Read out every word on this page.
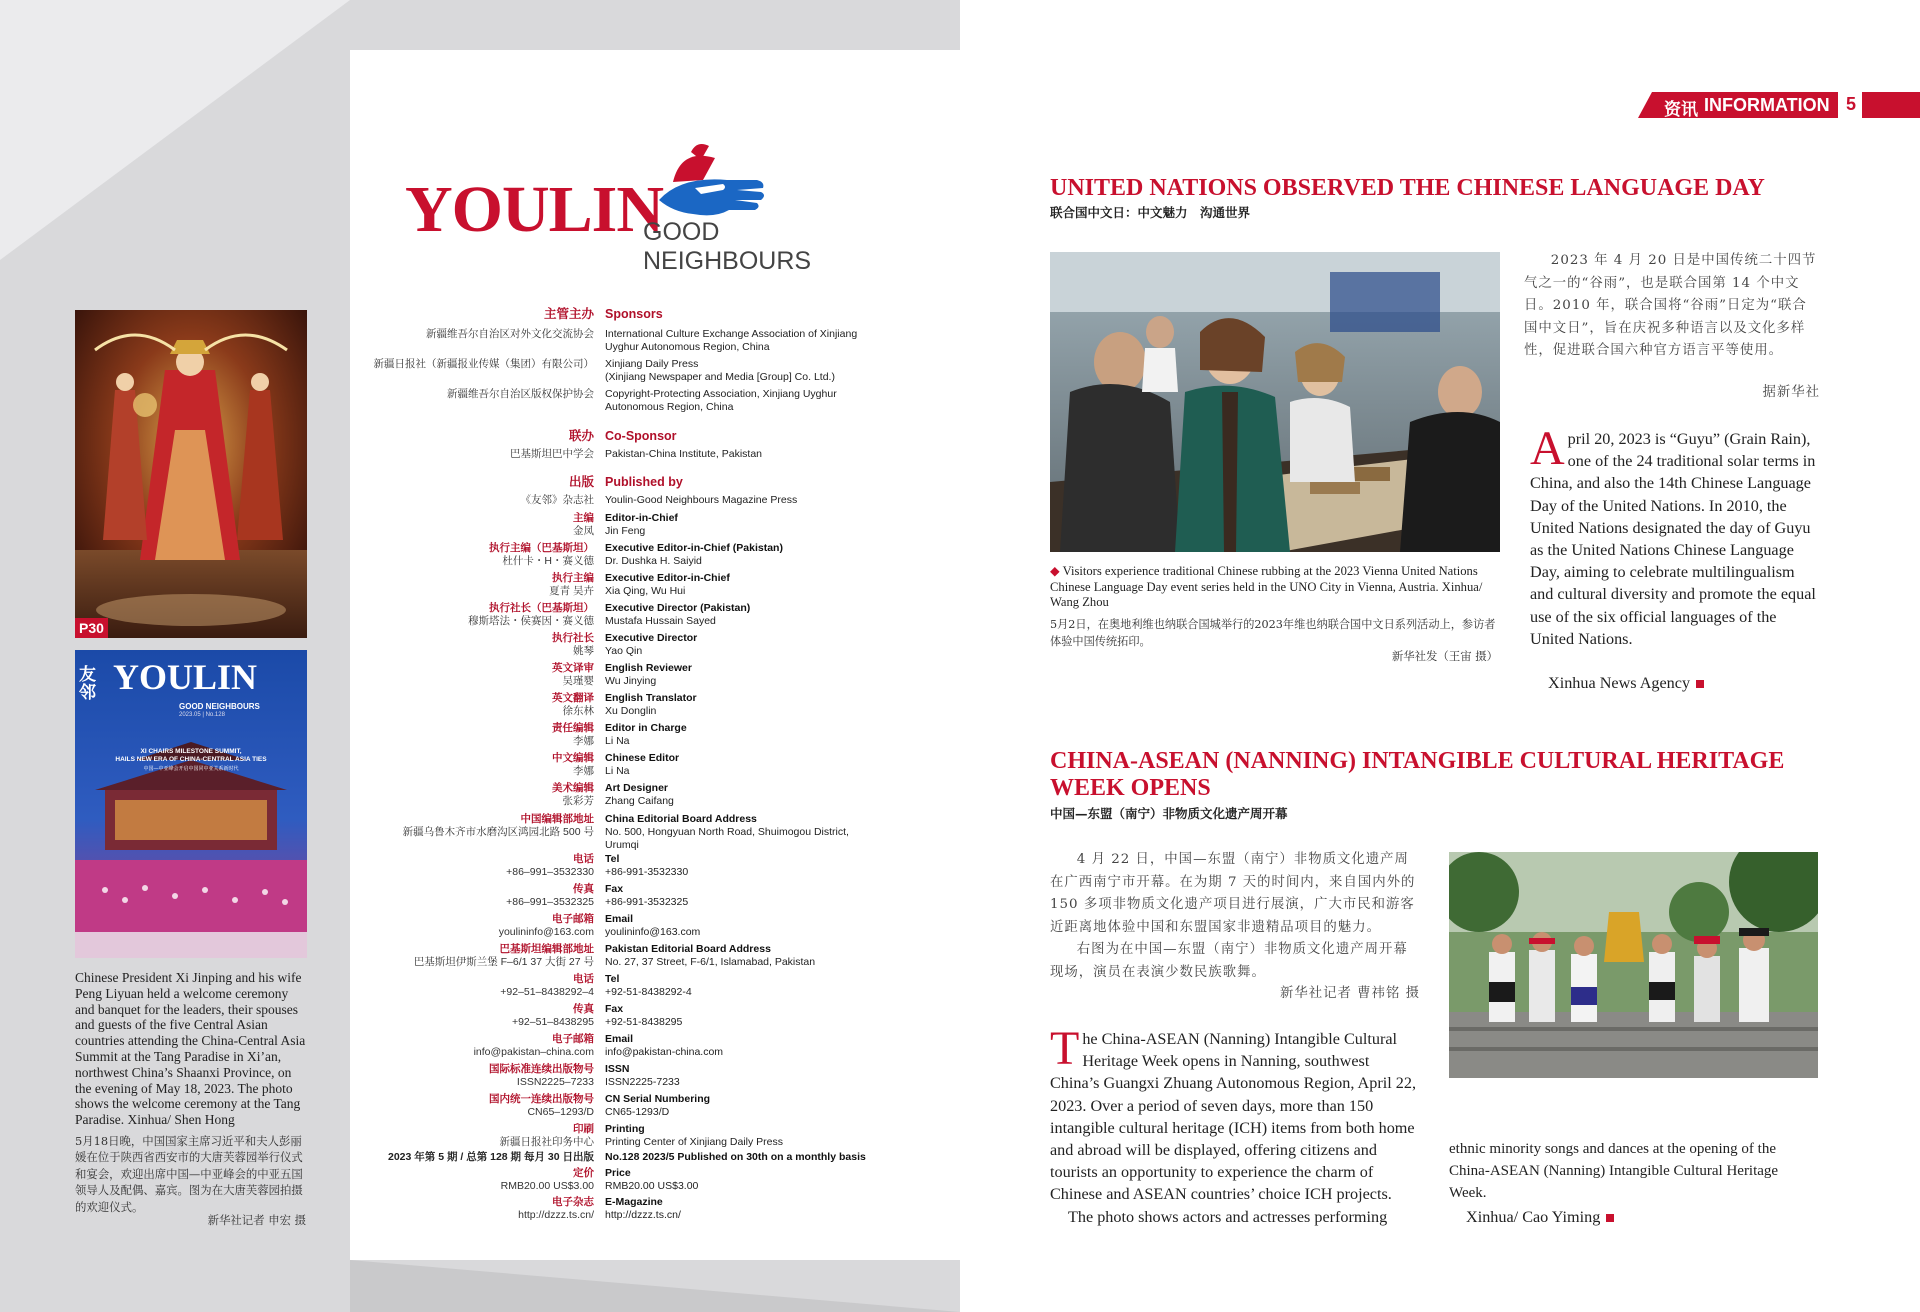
P30
友邻 YOULIN
GOOD NEIGHBOURS
2023.05 | No.128
XI CHAIRS MILESTONE SUMMIT,
HAILS NEW ERA OF CHINA-CENTRAL ASIA TIES
中国—中亚峰会开启中国同中亚关系新时代
Chinese President Xi Jinping and his wife Peng Liyuan held a welcome ceremony and banquet for the leaders, their spouses and guests of the five Central Asian countries attending the China-Central Asia Summit at the Tang Paradise in Xi’an, northwest China’s Shaanxi Province, on the evening of May 18, 2023. The photo shows the welcome ceremony at the Tang Paradise. Xinhua/ Shen Hong
5月18日晚，中国国家主席习近平和夫人彭丽媛在位于陕西省西安市的大唐芙蓉园举行仪式和宴会，欢迎出席中国—中亚峰会的中亚五国领导人及配偶、嘉宾。图为在大唐芙蓉园拍摄的欢迎仪式。
新华社记者 申宏 摄
YOULIN
GOOD NEIGHBOURS
主管主办 Sponsors
新疆维吾尔自治区对外文化交流协会 International Culture Exchange Association of Xinjiang
Uyghur Autonomous Region, China
新疆日报社（新疆报业传媒（集团）有限公司） Xinjiang Daily Press
(Xinjiang Newspaper and Media [Group] Co. Ltd.)
新疆维吾尔自治区版权保护协会 Copyright-Protecting Association, Xinjiang Uyghur
Autonomous Region, China
联办 Co-Sponsor
巴基斯坦巴中学会 Pakistan-China Institute, Pakistan
出版 Published by
《友邻》杂志社 Youlin-Good Neighbours Magazine Press
主编 Editor-in-Chief
金凤 Jin Feng
执行主编（巴基斯坦） Executive Editor-in-Chief (Pakistan)
杜什卡・H・赛义德 Dr. Dushka H. Saiyid
执行主编 Executive Editor-in-Chief
夏青 吴卉 Xia Qing, Wu Hui
执行社长（巴基斯坦） Executive Director (Pakistan)
穆斯塔法・侯赛因・赛义德 Mustafa Hussain Sayed
执行社长 Executive Director
姚琴 Yao Qin
英文译审 English Reviewer
吴瑾婴 Wu Jinying
英文翻译 English Translator
徐东林 Xu Donglin
责任编辑 Editor in Charge
李娜 Li Na
中文编辑 Chinese Editor
李娜 Li Na
美术编辑 Art Designer
张彩芳 Zhang Caifang
中国编辑部地址 China Editorial Board Address
新疆乌鲁木齐市水磨沟区鸿园北路 500 号 No. 500, Hongyuan North Road, Shuimogou District,
Urumqi
电话 Tel
+86–991–3532330 +86-991-3532330
传真 Fax
+86–991–3532325 +86-991-3532325
电子邮箱 Email
youlininfo@163.com youlininfo@163.com
巴基斯坦编辑部地址 Pakistan Editorial Board Address
巴基斯坦伊斯兰堡 F–6/1 37 大街 27 号 No. 27, 37 Street, F-6/1, Islamabad, Pakistan
电话 Tel
+92–51–8438292–4 +92-51-8438292-4
传真 Fax
+92–51–8438295 +92-51-8438295
电子邮箱 Email
info@pakistan–china.com info@pakistan-china.com
国际标准连续出版物号 ISSN
ISSN2225–7233 ISSN2225-7233
国内统一连续出版物号 CN Serial Numbering
CN65–1293/D CN65-1293/D
印刷 Printing
新疆日报社印务中心 Printing Center of Xinjiang Daily Press
2023 年第 5 期 / 总第 128 期 每月 30 日出版 No.128 2023/5 Published on 30th on a monthly basis
定价 Price
RMB20.00 US$3.00 RMB20.00 US$3.00
电子杂志 E-Magazine
http://dzzz.ts.cn/ http://dzzz.ts.cn/
资讯 INFORMATION 5
UNITED NATIONS OBSERVED THE CHINESE LANGUAGE DAY
联合国中文日：中文魅力　沟通世界
◆ Visitors experience traditional Chinese rubbing at the 2023 Vienna United Nations Chinese Language Day event series held in the UNO City in Vienna, Austria. Xinhua/ Wang Zhou
5月2日，在奥地利维也纳联合国城举行的2023年维也纳联合国中文日系列活动上，参访者体验中国传统拓印。
新华社发（王宙 摄）
2023 年 4 月 20 日是中国传统二十四节气之一的“谷雨”，也是联合国第 14 个中文日。2010 年，联合国将“谷雨”日定为“联合国中文日”，旨在庆祝多种语言以及文化多样性，促进联合国六种官方语言平等使用。
据新华社
April 20, 2023 is “Guyu” (Grain Rain), one of the 24 traditional solar terms in China, and also the 14th Chinese Language Day of the United Nations. In 2010, the United Nations designated the day of Guyu as the United Nations Chinese Language Day, aiming to celebrate multilingualism and cultural diversity and promote the equal use of the six official languages of the United Nations.
Xinhua News Agency
CHINA-ASEAN (NANNING) INTANGIBLE CULTURAL HERITAGE
WEEK OPENS
中国—东盟（南宁）非物质文化遗产周开幕
4 月 22 日，中国—东盟（南宁）非物质文化遗产周在广西南宁市开幕。在为期 7 天的时间内，来自国内外的 150 多项非物质文化遗产项目进行展演，广大市民和游客近距离地体验中国和东盟国家非遗精品项目的魅力。
右图为在中国—东盟（南宁）非物质文化遗产周开幕现场，演员在表演少数民族歌舞。
新华社记者 曹祎铭 摄
The China-ASEAN (Nanning) Intangible Cultural Heritage Week opens in Nanning, southwest China’s Guangxi Zhuang Autonomous Region, April 22, 2023. Over a period of seven days, more than 150 intangible cultural heritage (ICH) items from both home and abroad will be displayed, offering citizens and tourists an opportunity to experience the charm of Chinese and ASEAN countries’ choice ICH projects.
The photo shows actors and actresses performing
ethnic minority songs and dances at the opening of the China-ASEAN (Nanning) Intangible Cultural Heritage Week.
Xinhua/ Cao Yiming
